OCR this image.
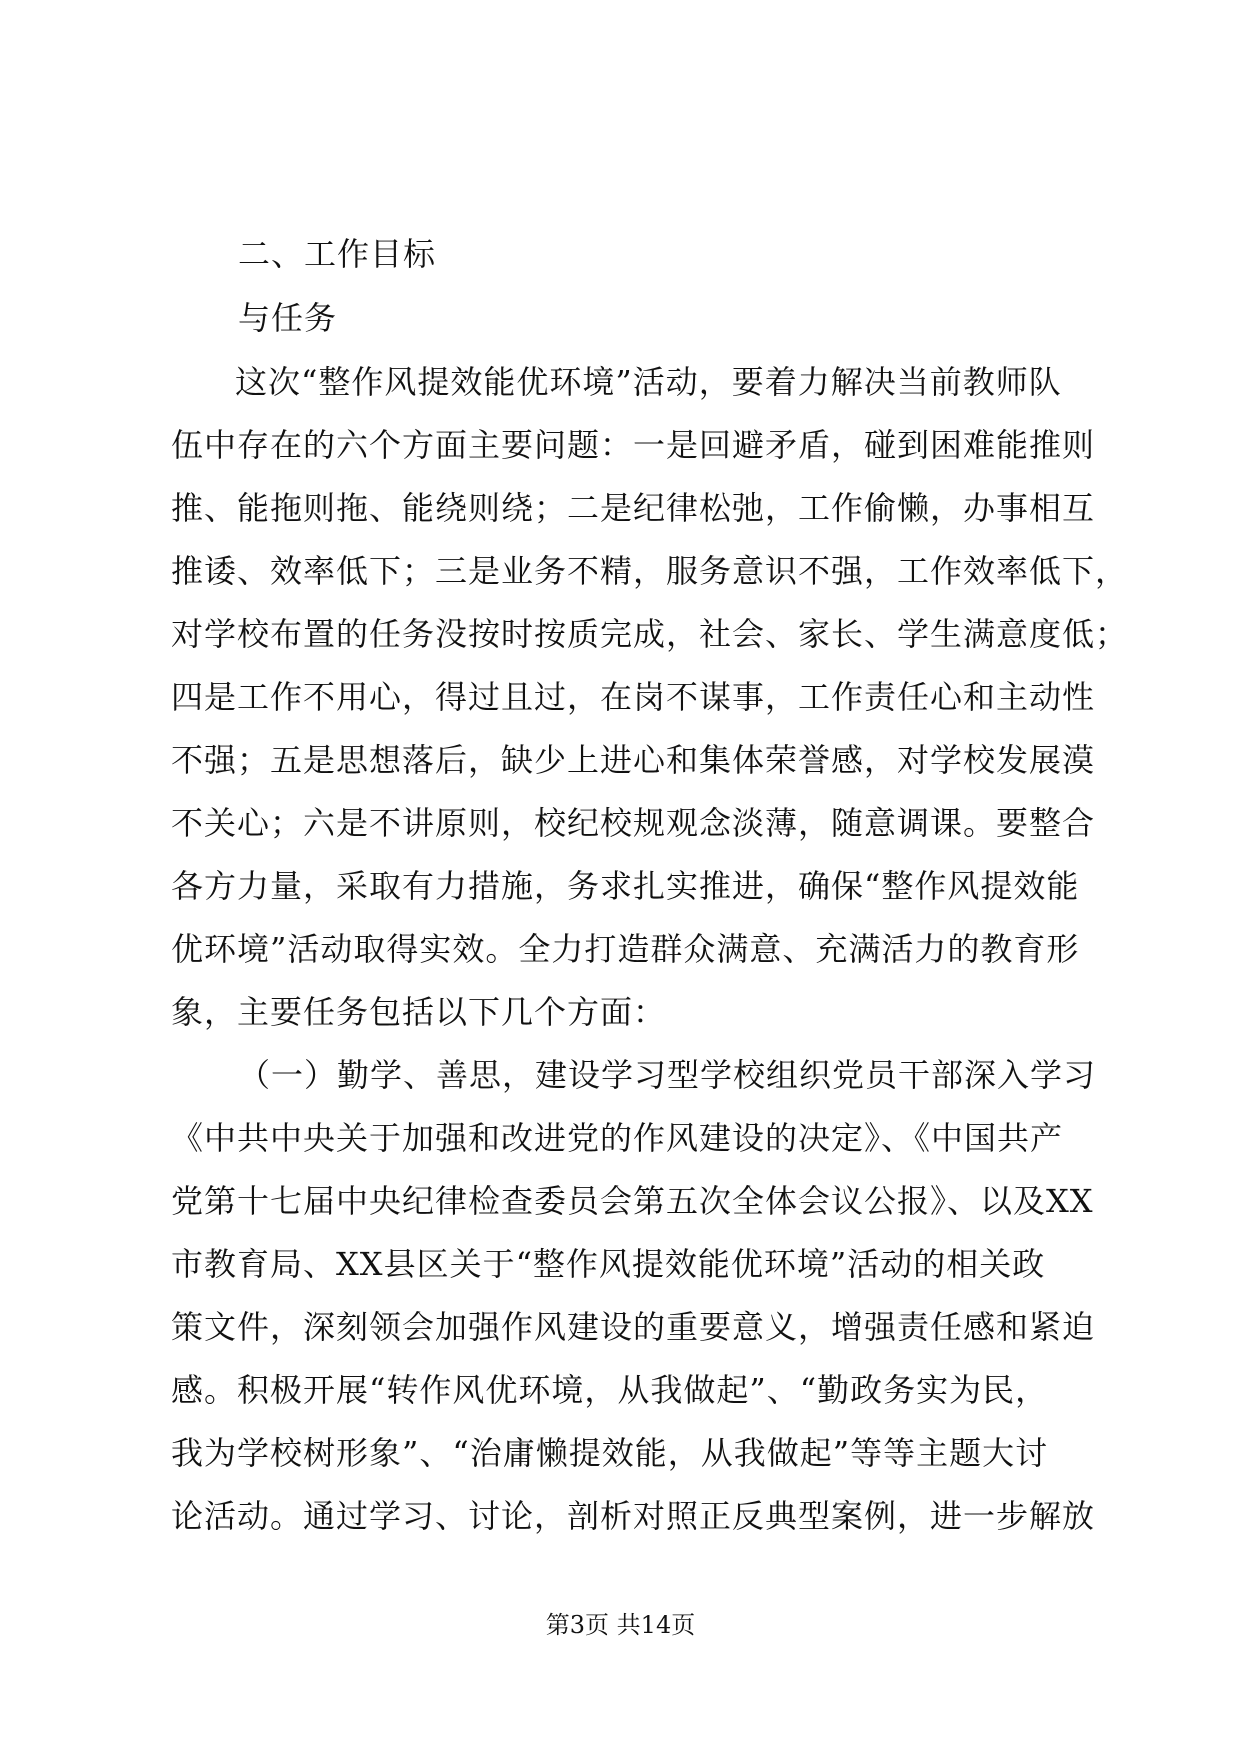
二、工作目标
与任务
这次“整作风提效能优环境”活动，要着力解决当前教师队
伍中存在的六个方面主要问题：一是回避矛盾，碰到困难能推则
推、能拖则拖、能绕则绕；二是纪律松弛，工作偷懒，办事相互
推诿、效率低下；三是业务不精，服务意识不强，工作效率低下，
对学校布置的任务没按时按质完成，社会、家长、学生满意度低；
四是工作不用心，得过且过，在岗不谋事，工作责任心和主动性
不强；五是思想落后，缺少上进心和集体荣誉感，对学校发展漠
不关心；六是不讲原则，校纪校规观念淡薄，随意调课。要整合
各方力量，采取有力措施，务求扎实推进，确保“整作风提效能
优环境”活动取得实效。全力打造群众满意、充满活力的教育形
象，主要任务包括以下几个方面：
（一）勤学、善思，建设学习型学校组织党员干部深入学习
《中共中央关于加强和改进党的作风建设的决定》、《中国共产
党第十七届中央纪律检查委员会第五次全体会议公报》、以及XX
市教育局、XX县区关于“整作风提效能优环境”活动的相关政
策文件，深刻领会加强作风建设的重要意义，增强责任感和紧迫
感。积极开展“转作风优环境，从我做起”、“勤政务实为民，
我为学校树形象”、“治庸懒提效能，从我做起”等等主题大讨
论活动。通过学习、讨论，剖析对照正反典型案例，进一步解放
第3页 共14页
